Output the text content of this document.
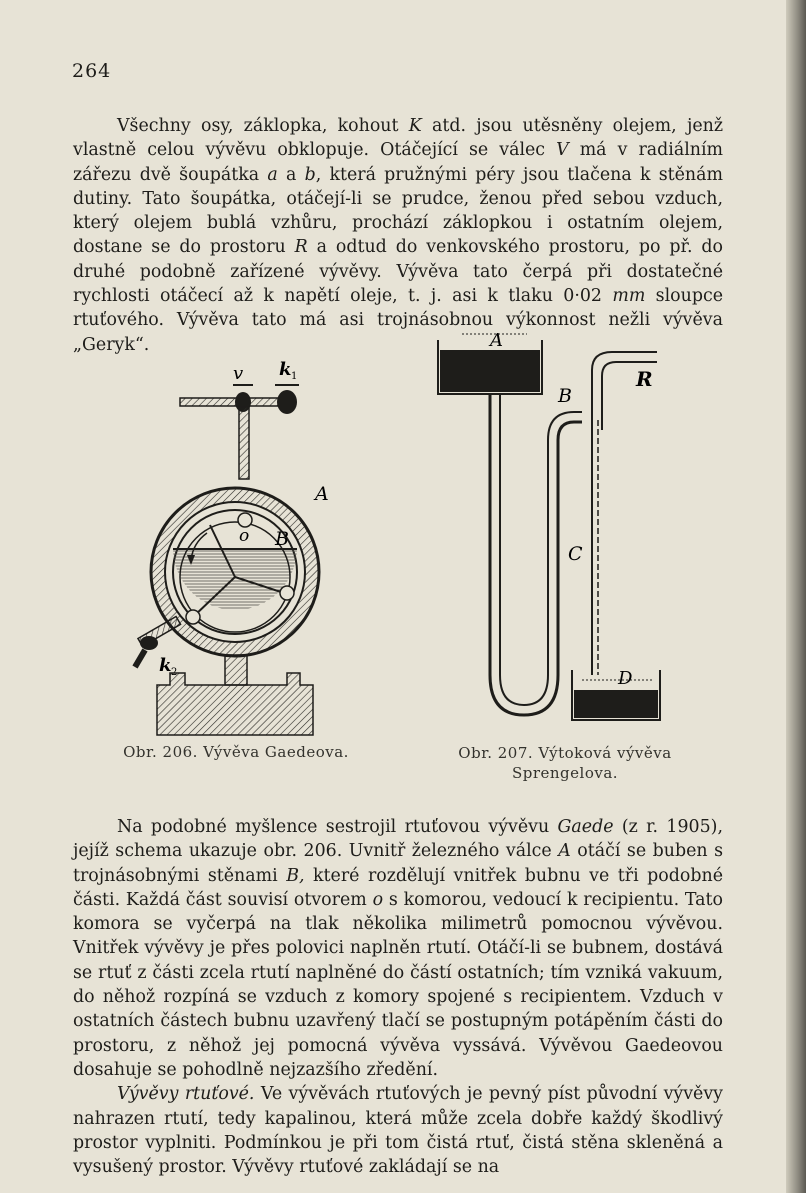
264

Všechny osy, záklopka, kohout K atd. jsou utěsněny olejem, jenž vlastně celou vývěvu obklopuje. Otáčející se válec V má v radiálním zářezu dvě šoupátka a a b, která pružnými péry jsou tlačena k stěnám dutiny. Tato šoupátka, otáčejí-li se prudce, ženou před sebou vzduch, který olejem bublá vzhůru, prochází záklopkou i ostatním olejem, dostane se do prostoru R a odtud do venkovského prostoru, po př. do druhé podobně zařízené vývěvy. Vývěva tato čerpá při dostatečné rychlosti otáčecí až k napětí oleje, t. j. asi k tlaku 0·02 mm sloupce rtuťového. Vývěva tato má asi trojnásobnou výkonnost nežli vývěva „Geryk“.

v k 1
o B
A
k
Obr. 206. Vývěva Gaedeova.
A
B
R
C
D
Obr. 207. Výtoková vývěva
Sprengelova.

Na podobné myšlence sestrojil rtuťovou vývěvu Gaede (z r. 1905), jejíž schema ukazuje obr. 206. Uvnitř železného válce A otáčí se buben s trojnásobnými stěnami B, které rozdělují vnitřek bubnu ve tři podobné části. Každá část souvisí otvorem o s komorou, vedoucí k recipientu. Tato komora se vyčerpá na tlak několika milimetrů pomocnou vývěvou. Vnitřek vývěvy je přes polovici naplněn rtutí. Otáčí-li se bubnem, dostává se rtuť z části zcela rtutí naplněné do částí ostatních; tím vzniká vakuum, do něhož rozpíná se vzduch z komory spojené s recipientem. Vzduch v ostatních částech bubnu uzavřený tlačí se postupným potápěním části do prostoru, z něhož jej pomocná vývěva vyssává. Vývěvou Gaedeovou dosahuje se pohodlně nejzazšího zředění.

Vývěvy rtuťové. Ve vývěvách rtuťových je pevný píst původní vývěvy nahrazen rtutí, tedy kapalinou, která může zcela dobře každý škodlivý prostor vyplniti. Podmínkou je při tom čistá rtuť, čistá stěna skleněná a vysušený prostor. Vývěvy rtuťové zakládají se na
